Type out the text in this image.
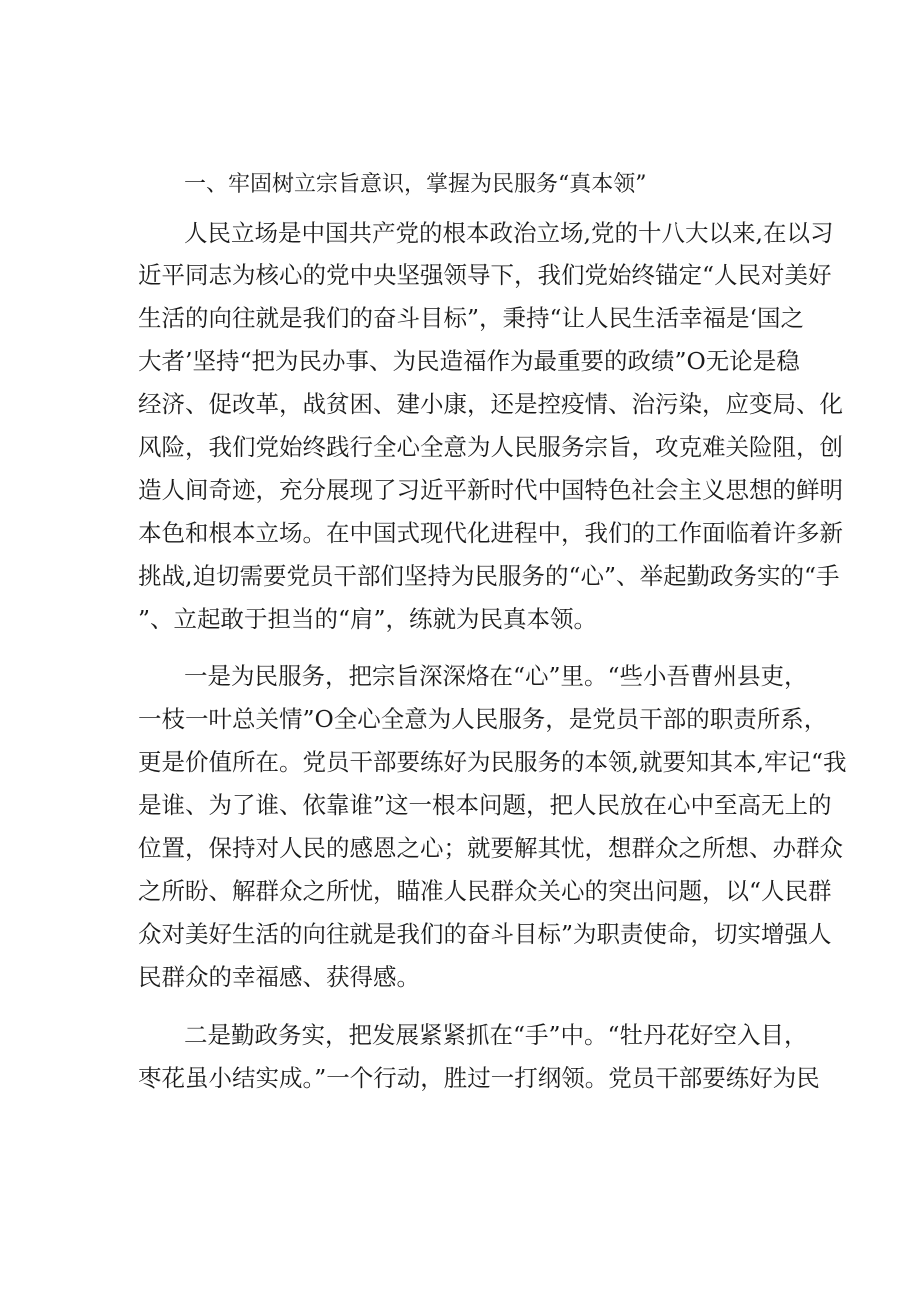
一、牢固树立宗旨意识，掌握为民服务“真本领”
人民立场是中国共产党的根本政治立场,党的十八大以来,在以习
近平同志为核心的党中央坚强领导下，我们党始终锚定“人民对美好
生活的向往就是我们的奋斗目标”，秉持“让人民生活幸福是‘国之
大者’坚持“把为民办事、为民造福作为最重要的政绩”O无论是稳
经济、促改革，战贫困、建小康，还是控疫情、治污染，应变局、化
风险，我们党始终践行全心全意为人民服务宗旨，攻克难关险阻，创
造人间奇迹，充分展现了习近平新时代中国特色社会主义思想的鲜明
本色和根本立场。在中国式现代化进程中，我们的工作面临着许多新
挑战,迫切需要党员干部们坚持为民服务的“心”、举起勤政务实的“手
”、立起敢于担当的“肩”，练就为民真本领。
一是为民服务，把宗旨深深烙在“心”里。“些小吾曹州县吏，
一枝一叶总关情”O全心全意为人民服务，是党员干部的职责所系，
更是价值所在。党员干部要练好为民服务的本领,就要知其本,牢记“我
是谁、为了谁、依靠谁”这一根本问题，把人民放在心中至高无上的
位置，保持对人民的感恩之心；就要解其忧，想群众之所想、办群众
之所盼、解群众之所忧，瞄准人民群众关心的突出问题，以“人民群
众对美好生活的向往就是我们的奋斗目标”为职责使命，切实增强人
民群众的幸福感、获得感。
二是勤政务实，把发展紧紧抓在“手”中。“牡丹花好空入目，
枣花虽小结实成。”一个行动，胜过一打纲领。党员干部要练好为民
